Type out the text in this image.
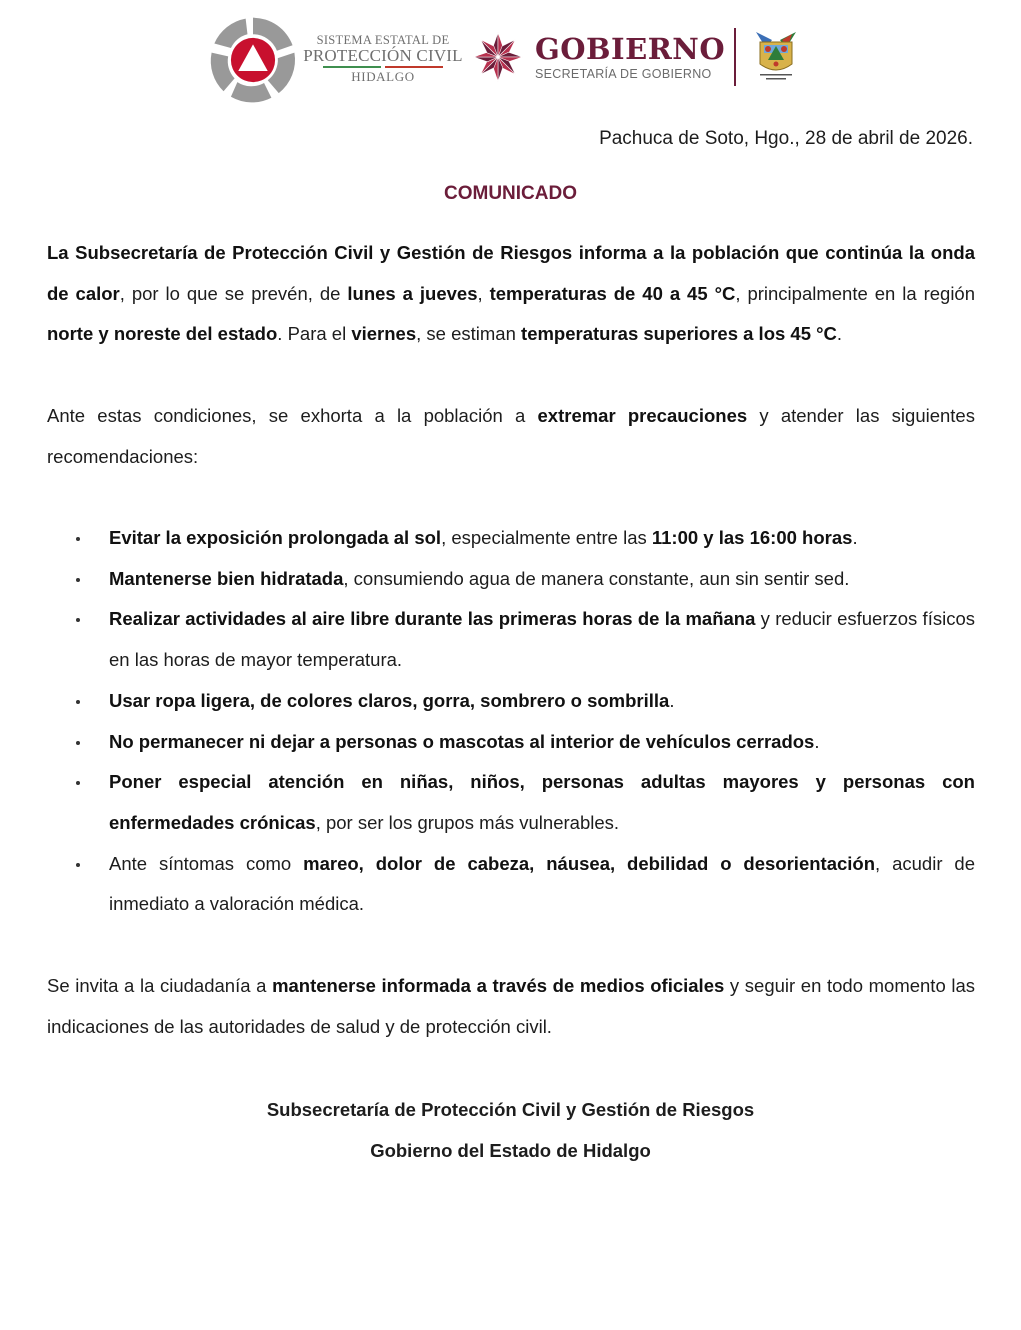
SISTEMA ESTATAL DE
PROTECCIÓN CIVIL
HIDALGO
GOBIERNO
SECRETARÍA DE GOBIERNO
Pachuca de Soto, Hgo., 28 de abril de 2026.
COMUNICADO

La Subsecretaría de Protección Civil y Gestión de Riesgos informa a la población que continúa la onda de calor, por lo que se prevén, de lunes a jueves, temperaturas de 40 a 45 °C, principalmente en la región norte y noreste del estado. Para el viernes, se estiman temperaturas superiores a los 45 °C.

Ante estas condiciones, se exhorta a la población a extremar precauciones y atender las siguientes recomendaciones:

Evitar la exposición prolongada al sol, especialmente entre las 11:00 y las 16:00 horas.
Mantenerse bien hidratada, consumiendo agua de manera constante, aun sin sentir sed.
Realizar actividades al aire libre durante las primeras horas de la mañana y reducir esfuerzos físicos en las horas de mayor temperatura.
Usar ropa ligera, de colores claros, gorra, sombrero o sombrilla.
No permanecer ni dejar a personas o mascotas al interior de vehículos cerrados.
Poner especial atención en niñas, niños, personas adultas mayores y personas con enfermedades crónicas, por ser los grupos más vulnerables.
Ante síntomas como mareo, dolor de cabeza, náusea, debilidad o desorientación, acudir de inmediato a valoración médica.

Se invita a la ciudadanía a mantenerse informada a través de medios oficiales y seguir en todo momento las indicaciones de las autoridades de salud y de protección civil.

Subsecretaría de Protección Civil y Gestión de Riesgos
Gobierno del Estado de Hidalgo
